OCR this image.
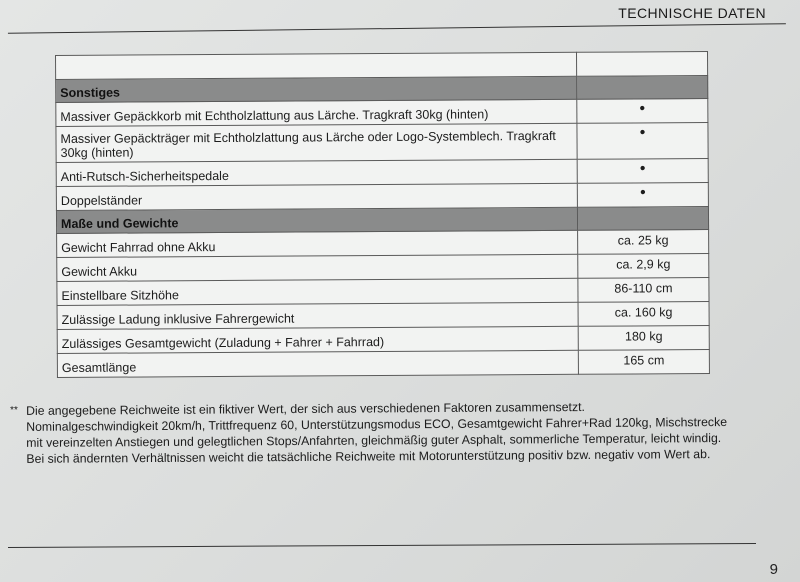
TECHNISCHE DATEN

Sonstiges	
Massiver Gepäckkorb mit Echtholzlattung aus Lärche. Tragkraft 30kg (hinten)	•
Massiver Gepäckträger mit Echtholzlattung aus Lärche oder Logo-Systemblech. Tragkraft 30kg (hinten)	•
Anti-Rutsch-Sicherheitspedale	•
Doppelständer	•
Maße und Gewichte	
Gewicht Fahrrad ohne Akku	ca. 25 kg
Gewicht Akku	ca. 2,9 kg
Einstellbare Sitzhöhe	86-110 cm
Zulässige Ladung inklusive Fahrergewicht	ca. 160 kg
Zulässiges Gesamtgewicht (Zuladung + Fahrer + Fahrrad)	180 kg
Gesamtlänge	165 cm
** Die angegebene Reichweite ist ein fiktiver Wert, der sich aus verschiedenen Faktoren zusammensetzt.
Nominalgeschwindigkeit 20km/h, Trittfrequenz 60, Unterstützungsmodus ECO, Gesamtgewicht Fahrer+Rad 120kg, Mischstrecke
mit vereinzelten Anstiegen und gelegtlichen Stops/Anfahrten, gleichmäßig guter Asphalt, sommerliche Temperatur, leicht windig.
Bei sich ändernten Verhältnissen weicht die tatsächliche Reichweite mit Motorunterstützung positiv bzw. negativ vom Wert ab.
9
